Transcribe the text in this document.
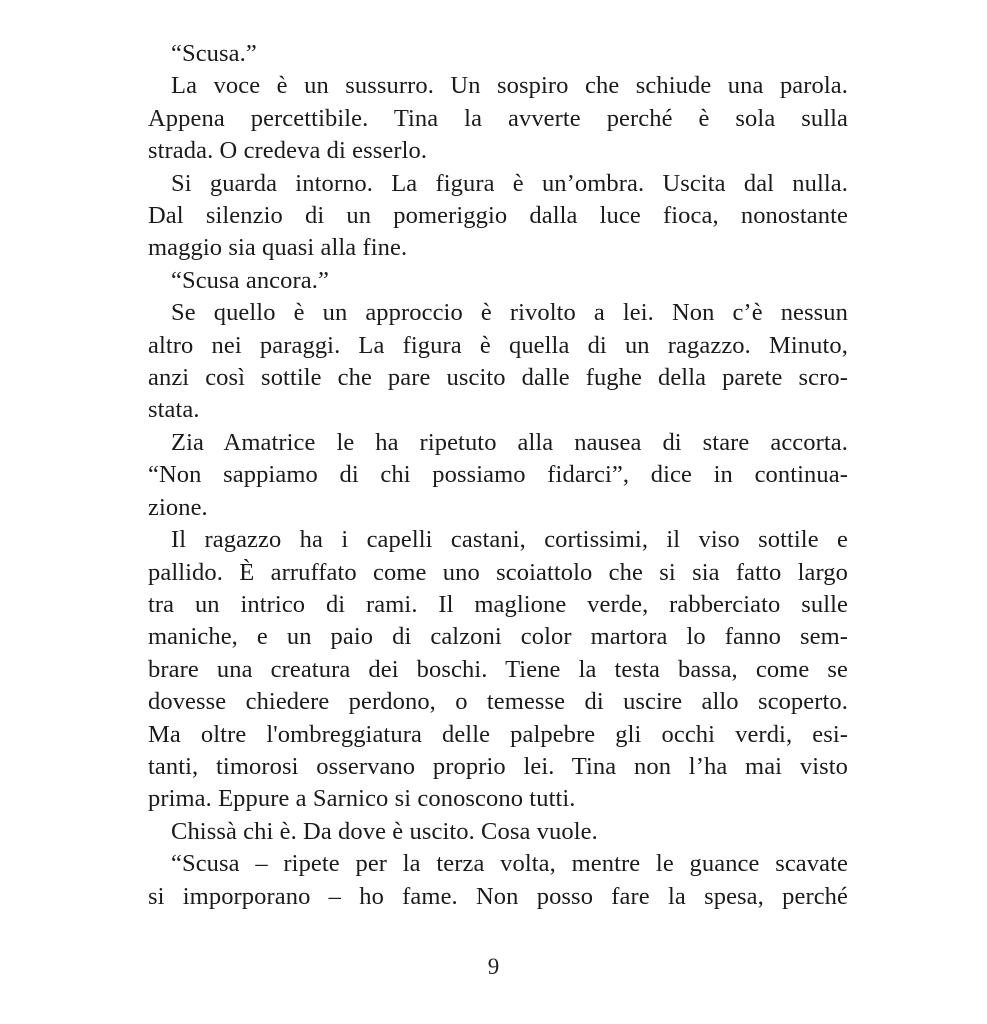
“Scusa.”
La voce è un sussurro. Un sospiro che schiude una parola.
Appena percettibile. Tina la avverte perché è sola sulla
strada. O credeva di esserlo.
Si guarda intorno. La figura è un’ombra. Uscita dal nulla.
Dal silenzio di un pomeriggio dalla luce fioca, nonostante
maggio sia quasi alla fine.
“Scusa ancora.”
Se quello è un approccio è rivolto a lei. Non c’è nessun
altro nei paraggi. La figura è quella di un ragazzo. Minuto,
anzi così sottile che pare uscito dalle fughe della parete scro-
stata.
Zia Amatrice le ha ripetuto alla nausea di stare accorta.
“Non sappiamo di chi possiamo fidarci”, dice in continua-
zione.
Il ragazzo ha i capelli castani, cortissimi, il viso sottile e
pallido. È arruffato come uno scoiattolo che si sia fatto largo
tra un intrico di rami. Il maglione verde, rabberciato sulle
maniche, e un paio di calzoni color martora lo fanno sem-
brare una creatura dei boschi. Tiene la testa bassa, come se
dovesse chiedere perdono, o temesse di uscire allo scoperto.
Ma oltre l'ombreggiatura delle palpebre gli occhi verdi, esi-
tanti, timorosi osservano proprio lei. Tina non l’ha mai visto
prima. Eppure a Sarnico si conoscono tutti.
Chissà chi è. Da dove è uscito. Cosa vuole.
“Scusa – ripete per la terza volta, mentre le guance scavate
si imporporano – ho fame. Non posso fare la spesa, perché
9
